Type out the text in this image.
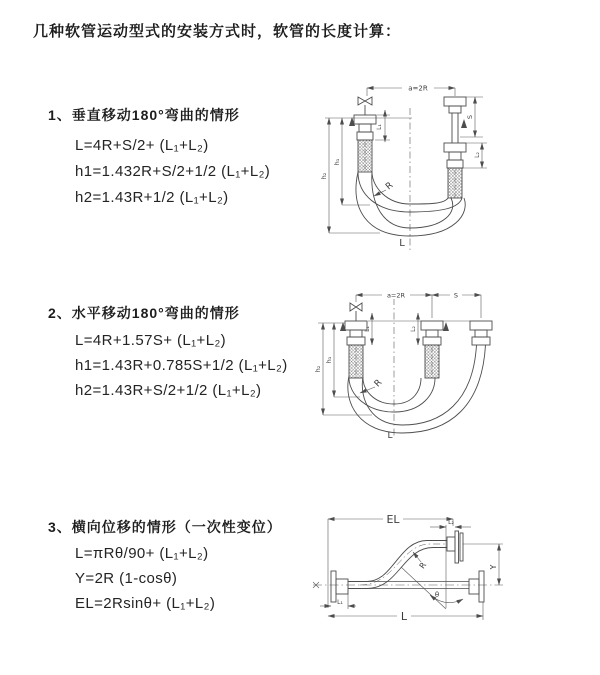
几种软管运动型式的安装方式时，软管的长度计算：
1、垂直移动180°弯曲的情形
L=4R+S/2+ (L₁+L₂)
h1=1.432R+S/2+1/2 (L₁+L₂)
h2=1.43R+1/2 (L₁+L₂)
2、水平移动180°弯曲的情形
L=4R+1.57S+ (L₁+L₂)
h1=1.43R+0.785S+1/2 (L₁+L₂)
h2=1.43R+S/2+1/2 (L₁+L₂)
3、横向位移的情形（一次性变位）
L=πRθ/90+ (L₁+L₂)
Y=2R (1-cosθ)
EL=2Rsinθ+ (L₁+L₂)
a=2R
h₁
h₂
L₁
S
L₂
R
L
a=2R	S
h₁
h₂
L₁	L₂
R
L
EL	L₂
Y
R
θ
L
L₁
